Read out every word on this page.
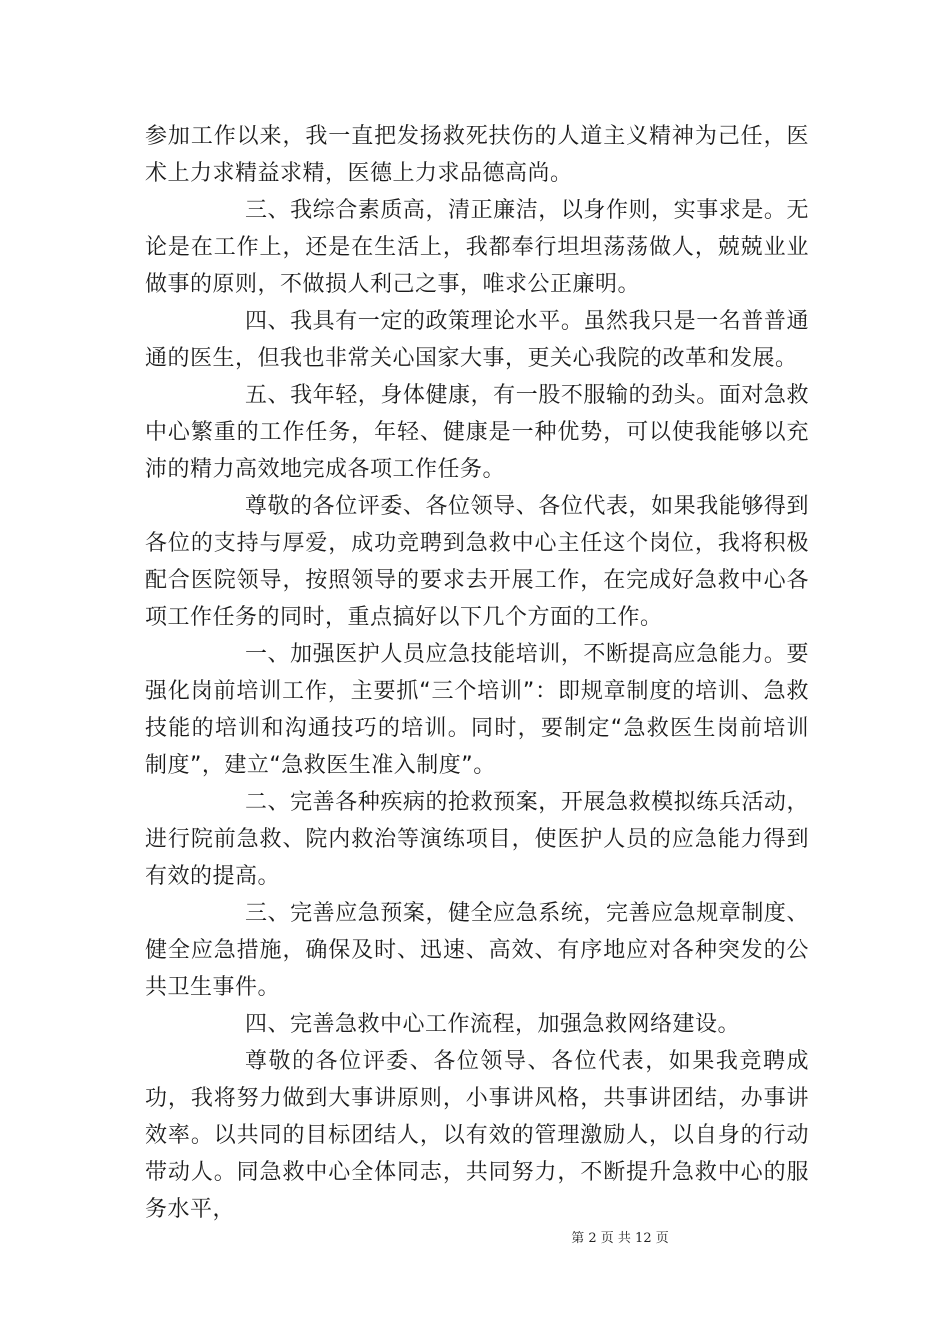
参加工作以来，我一直把发扬救死扶伤的人道主义精神为己任，医术上力求精益求精，医德上力求品德高尚。

三、我综合素质高，清正廉洁，以身作则，实事求是。无论是在工作上，还是在生活上，我都奉行坦坦荡荡做人，兢兢业业做事的原则，不做损人利己之事，唯求公正廉明。

四、我具有一定的政策理论水平。虽然我只是一名普普通通的医生，但我也非常关心国家大事，更关心我院的改革和发展。

五、我年轻，身体健康，有一股不服输的劲头。面对急救中心繁重的工作任务，年轻、健康是一种优势，可以使我能够以充沛的精力高效地完成各项工作任务。

尊敬的各位评委、各位领导、各位代表，如果我能够得到各位的支持与厚爱，成功竞聘到急救中心主任这个岗位，我将积极配合医院领导，按照领导的要求去开展工作，在完成好急救中心各项工作任务的同时，重点搞好以下几个方面的工作。

一、加强医护人员应急技能培训，不断提高应急能力。要强化岗前培训工作，主要抓“三个培训”：即规章制度的培训、急救技能的培训和沟通技巧的培训。同时，要制定“急救医生岗前培训制度”，建立“急救医生准入制度”。

二、完善各种疾病的抢救预案，开展急救模拟练兵活动，进行院前急救、院内救治等演练项目，使医护人员的应急能力得到有效的提高。

三、完善应急预案，健全应急系统，完善应急规章制度、健全应急措施，确保及时、迅速、高效、有序地应对各种突发的公共卫生事件。

四、完善急救中心工作流程，加强急救网络建设。

尊敬的各位评委、各位领导、各位代表，如果我竞聘成功，我将努力做到大事讲原则，小事讲风格，共事讲团结，办事讲效率。以共同的目标团结人，以有效的管理激励人，以自身的行动带动人。同急救中心全体同志，共同努力，不断提升急救中心的服务水平，

第 2 页 共 12 页
